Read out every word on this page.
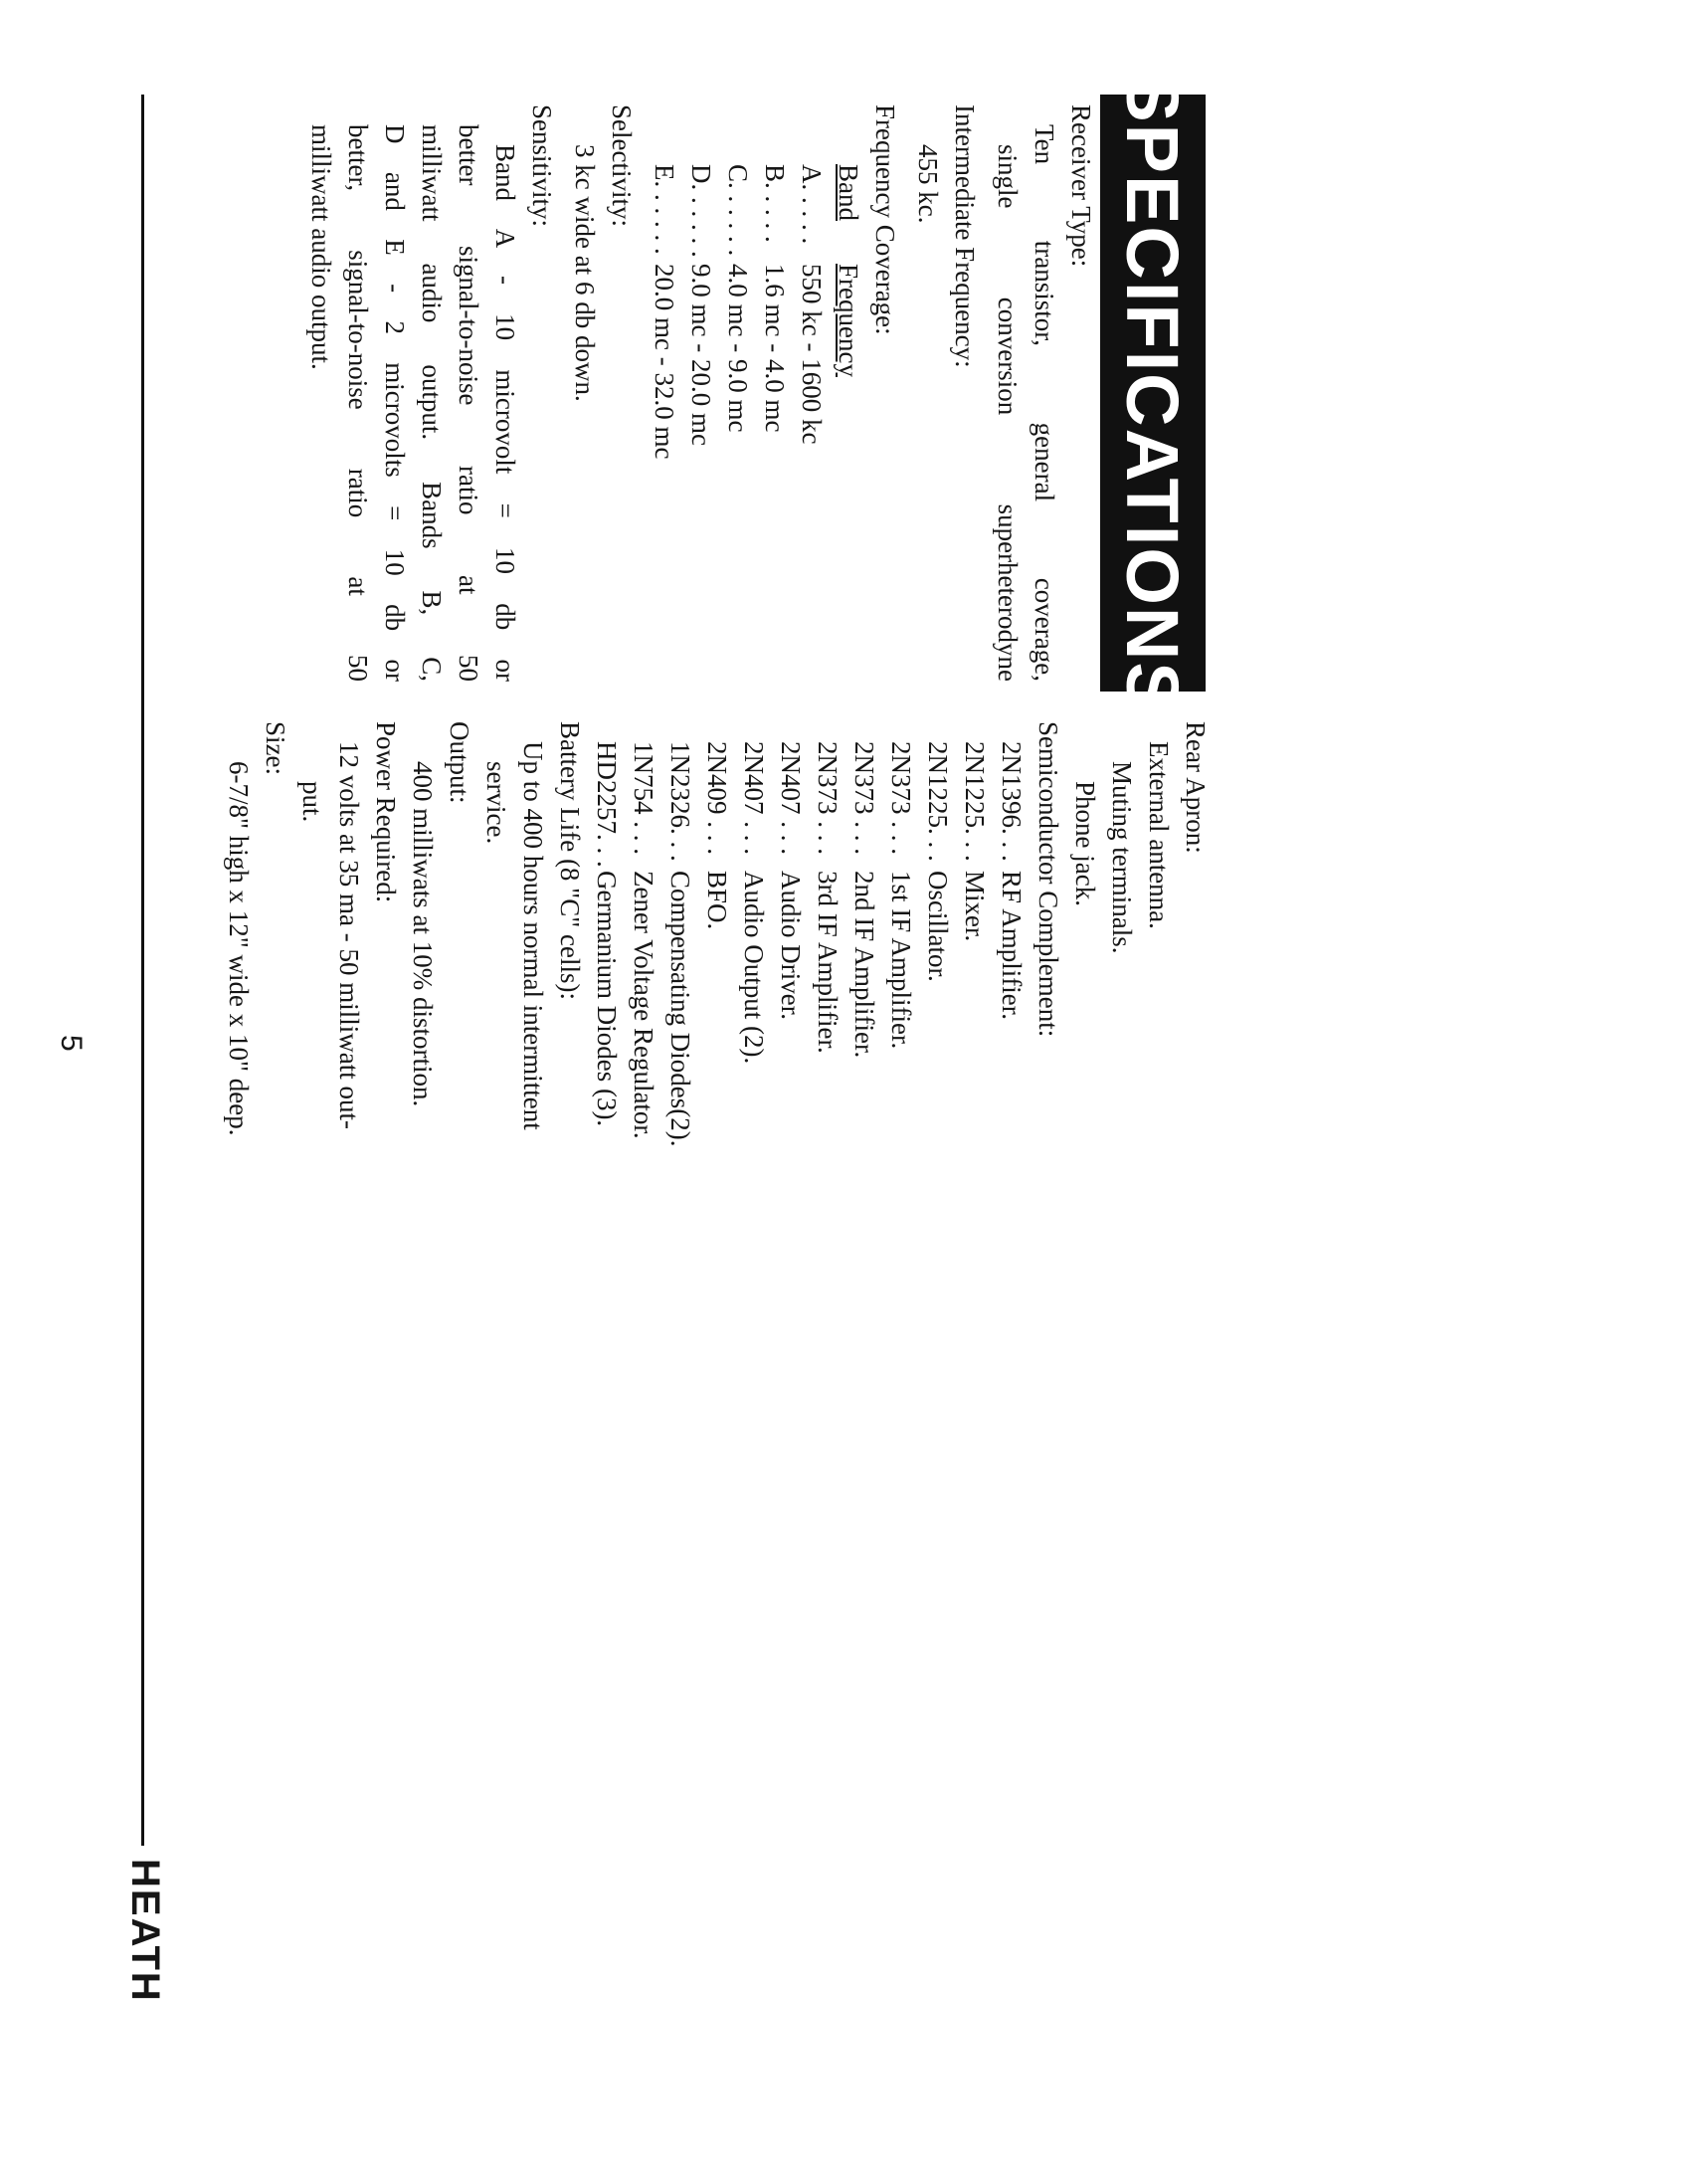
SPECIFICATIONS
Receiver Type:
Ten transistor, general coverage,
single conversion superheterodyne
Intermediate Frequency:
455 kc.
Frequency Coverage:
Band
Frequency
A. . . . .
550 kc - 1600 kc
B. . . . .
1.6 mc - 4.0 mc
C. . . . . .
4.0 mc - 9.0 mc
D. . . . . .
9.0 mc - 20.0 mc
E. . . . . .
20.0 mc - 32.0 mc
Selectivity:
3 kc wide at 6 db down.
Sensitivity:
Band A - 10 microvolt = 10 db or
better signal-to-noise ratio at 50
milliwatt audio output. Bands B, C,
D and E - 2 microvolts = 10 db or
better, signal-to-noise ratio at 50
milliwatt audio output.
Rear Apron:
External antenna.
Muting terminals.
Phone jack.
Semiconductor Complement:
2N1396. . .
RF Amplifier.
2N1225. . .
Mixer.
2N1225. . .
Oscillator.
2N373 . . .
1st IF Amplifier.
2N373 . . .
2nd IF Amplifier.
2N373 . . .
3rd IF Amplifier.
2N407 . . .
Audio Driver.
2N407 . . .
Audio Output (2).
2N409 . . .
BFO.
1N2326. . .
Compensating Diodes(2).
1N754 . . .
Zener Voltage Regulator.
HD2257. . .
Germanium Diodes (3).
Battery Life (8 "C" cells):
Up to 400 hours normal intermittent
service.
Output:
400 milliwats at 10% distortion.
Power Required:
12 volts at 35 ma - 50 milliwatt out-
put.
Size:
6-7/8" high x 12" wide x 10" deep.
5
HEATH
